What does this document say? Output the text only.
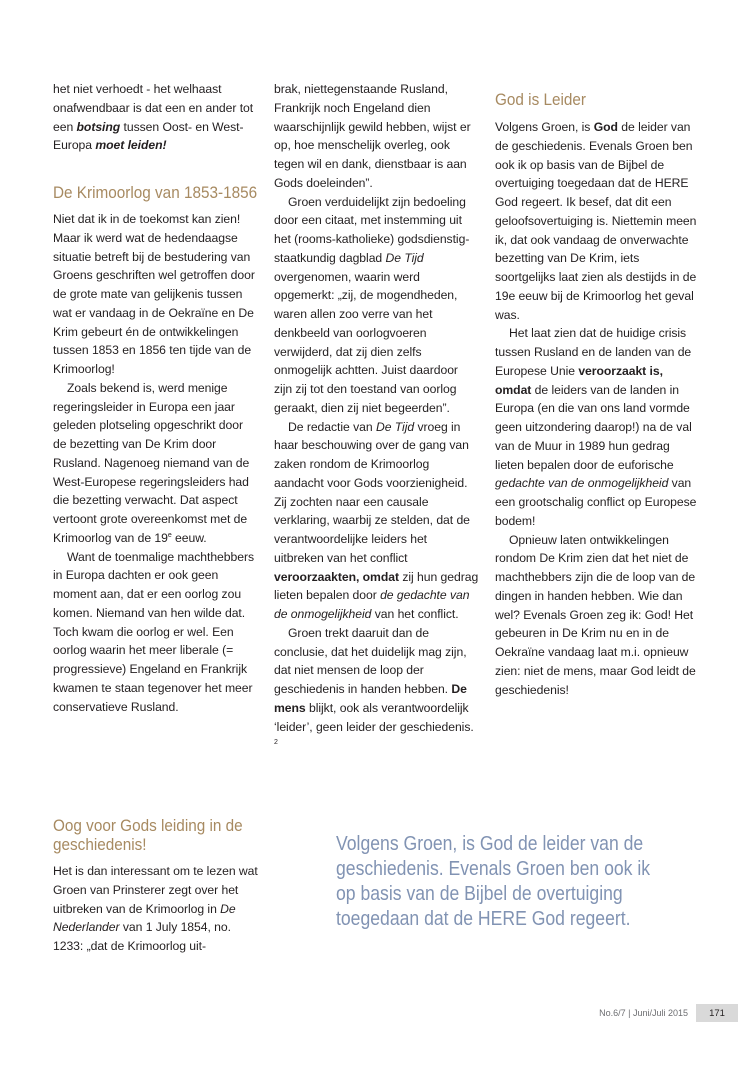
het niet verhoedt - het welhaast onafwendbaar is dat een en ander tot een botsing tussen Oost- en West-Europa moet leiden!

De Krimoorlog van 1853-1856

Niet dat ik in de toekomst kan zien! Maar ik werd wat de hedendaagse situatie betreft bij de bestudering van Groens geschriften wel getroffen door de grote mate van gelijkenis tussen wat er vandaag in de Oekraïne en De Krim gebeurt én de ontwikkelingen tussen 1853 en 1856 ten tijde van de Krimoorlog!

Zoals bekend is, werd menige regeringsleider in Europa een jaar geleden plotseling opgeschrikt door de bezetting van De Krim door Rusland. Nagenoeg niemand van de West-Europese regeringsleiders had die bezetting verwacht. Dat aspect vertoont grote overeenkomst met de Krimoorlog van de 19e eeuw.

Want de toenmalige machthebbers in Europa dachten er ook geen moment aan, dat er een oorlog zou komen. Niemand van hen wilde dat. Toch kwam die oorlog er wel. Een oorlog waarin het meer liberale (= progressieve) Engeland en Frankrijk kwamen te staan tegenover het meer conservatieve Rusland.

brak, niettegenstaande Rusland, Frankrijk noch Engeland dien waarschijnlijk gewild hebben, wijst er op, hoe menschelijk overleg, ook tegen wil en dank, dienstbaar is aan Gods doeleinden”.

Groen verduidelijkt zijn bedoeling door een citaat, met instemming uit het (rooms-katholieke) godsdienstig-staatkundig dagblad De Tijd overgenomen, waarin werd opgemerkt: „zij, de mogendheden, waren allen zoo verre van het denkbeeld van oorlogvoeren verwijderd, dat zij dien zelfs onmogelijk achtten. Juist daardoor zijn zij tot den toestand van oorlog geraakt, dien zij niet begeerden”.

De redactie van De Tijd vroeg in haar beschouwing over de gang van zaken rondom de Krimoorlog aandacht voor Gods voorzienigheid. Zij zochten naar een causale verklaring, waarbij ze stelden, dat de verantwoordelijke leiders het uitbreken van het conflict veroorzaakten, omdat zij hun gedrag lieten bepalen door de gedachte van de onmogelijkheid van het conflict.

Groen trekt daaruit dan de conclusie, dat het duidelijk mag zijn, dat niet mensen de loop der geschiedenis in handen hebben. De mens blijkt, ook als verantwoordelijk ‘leider’, geen leider der geschiedenis. $^2$

God is Leider

Volgens Groen, is God de leider van de geschiedenis. Evenals Groen ben ook ik op basis van de Bijbel de overtuiging toegedaan dat de HERE God regeert. Ik besef, dat dit een geloofsovertuiging is. Niettemin meen ik, dat ook vandaag de onverwachte bezetting van De Krim, iets soortgelijks laat zien als destijds in de 19e eeuw bij de Krimoorlog het geval was.

Het laat zien dat de huidige crisis tussen Rusland en de landen van de Europese Unie veroorzaakt is, omdat de leiders van de landen in Europa (en die van ons land vormde geen uitzondering daarop!) na de val van de Muur in 1989 hun gedrag lieten bepalen door de euforische gedachte van de onmogelijkheid van een grootschalig conflict op Europese bodem!

Opnieuw laten ontwikkelingen rondom De Krim zien dat het niet de machthebbers zijn die de loop van de dingen in handen hebben. Wie dan wel? Evenals Groen zeg ik: God! Het gebeuren in De Krim nu en in de Oekraïne vandaag laat m.i. opnieuw zien: niet de mens, maar God leidt de geschiedenis!

Oog voor Gods leiding in de geschiedenis!

Het is dan interessant om te lezen wat Groen van Prinsterer zegt over het uitbreken van de Krimoorlog in De Nederlander van 1 July 1854, no. 1233: „dat de Krimoorlog uit-

Volgens Groen, is God de leider van de geschiedenis. Evenals Groen ben ook ik op basis van de Bijbel de overtuiging toegedaan dat de HERE God regeert.

No.6/7 | Juni/Juli 2015	171
